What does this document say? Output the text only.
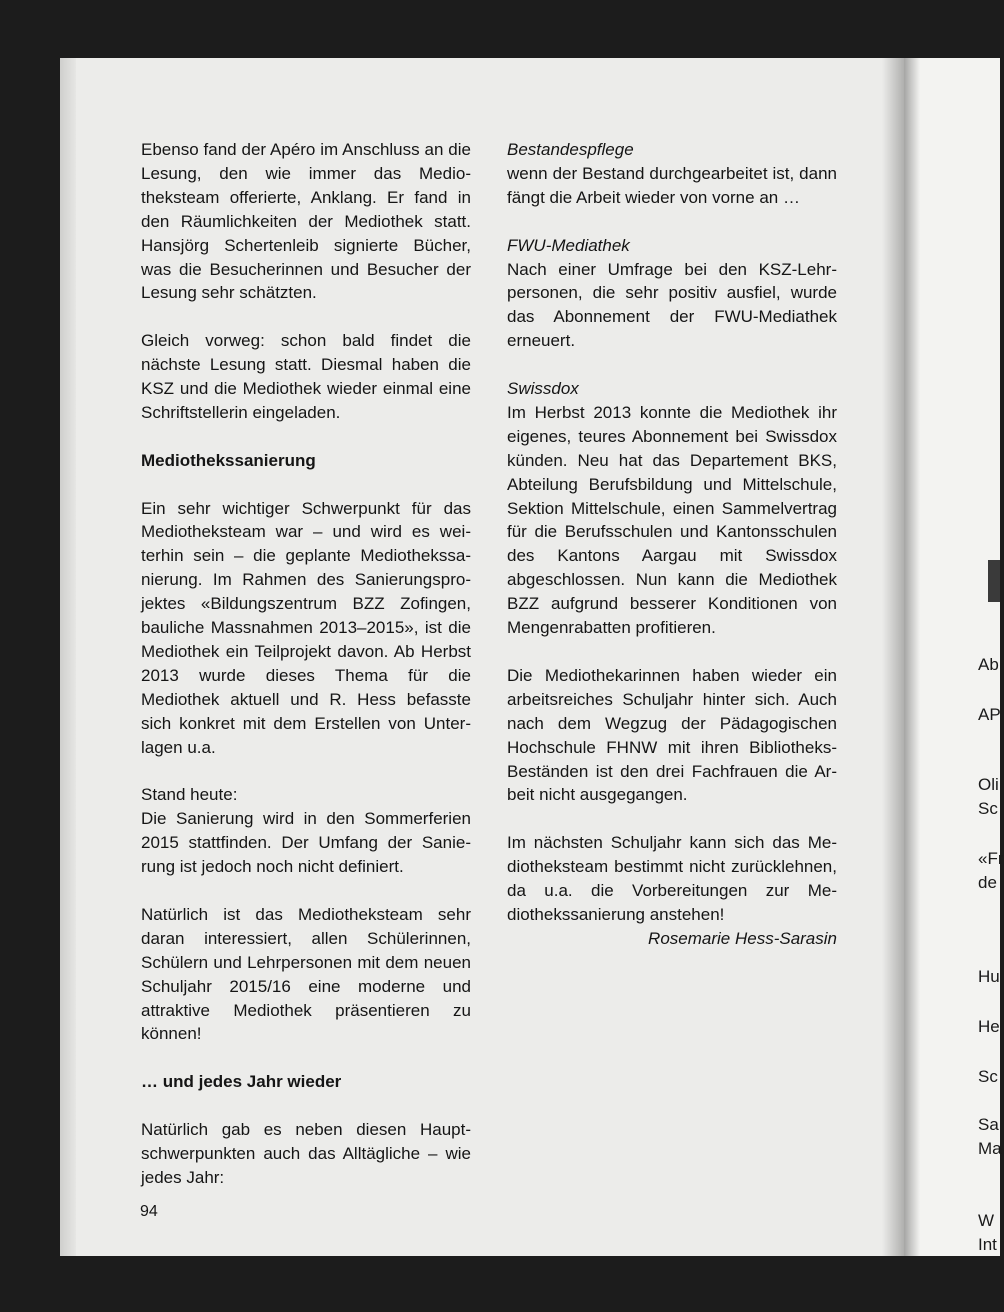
Ab

AP

Oli

Sc

«Fr

de

Hu

He

Sc

Sa

Ma

W

Int

Ebenso fand der Apéro im Anschluss an die Lesung, den wie immer das Mediotheksteam offerierte, Anklang. Er fand in den Räumlichkeiten der Mediothek statt. Hansjörg Schertenleib signierte Bücher, was die Besucherinnen und Besucher der Lesung sehr schätzten.

Gleich vorweg: schon bald findet die nächste Lesung statt. Diesmal haben die KSZ und die Mediothek wieder einmal eine Schriftstellerin eingeladen.

Mediothekssanierung

Ein sehr wichtiger Schwerpunkt für das Mediotheksteam war – und wird es weiterhin sein – die geplante Mediothekssanierung. Im Rahmen des Sanierungsprojektes «Bildungszentrum BZZ Zofingen, bauliche Massnahmen 2013–2015», ist die Mediothek ein Teilprojekt davon. Ab Herbst 2013 wurde dieses Thema für die Mediothek aktuell und R. Hess befasste sich konkret mit dem Erstellen von Unterlagen u.a.

Stand heute:
Die Sanierung wird in den Sommerferien 2015 stattfinden. Der Umfang der Sanierung ist jedoch noch nicht definiert.

Natürlich ist das Mediotheksteam sehr daran interessiert, allen Schülerinnen, Schülern und Lehrpersonen mit dem neuen Schuljahr 2015/16 eine moderne und attraktive Mediothek präsentieren zu können!

… und jedes Jahr wieder

Natürlich gab es neben diesen Hauptschwerpunkten auch das Alltägliche – wie jedes Jahr:

Bestandespflege
wenn der Bestand durchgearbeitet ist, dann fängt die Arbeit wieder von vorne an …

FWU-Mediathek
Nach einer Umfrage bei den KSZ-Lehrpersonen, die sehr positiv ausfiel, wurde das Abonnement der FWU-Mediathek erneuert.

Swissdox
Im Herbst 2013 konnte die Mediothek ihr eigenes, teures Abonnement bei Swissdox künden. Neu hat das Departement BKS, Abteilung Berufsbildung und Mittelschule, Sektion Mittelschule, einen Sammelvertrag für die Berufsschulen und Kantonsschulen des Kantons Aargau mit Swissdox abgeschlossen. Nun kann die Mediothek BZZ aufgrund besserer Konditionen von Mengenrabatten profitieren.

Die Mediothekarinnen haben wieder ein arbeitsreiches Schuljahr hinter sich. Auch nach dem Wegzug der Pädagogischen Hochschule FHNW mit ihren Bibliotheks-Beständen ist den drei Fachfrauen die Arbeit nicht ausgegangen.

Im nächsten Schuljahr kann sich das Mediotheksteam bestimmt nicht zurücklehnen, da u.a. die Vorbereitungen zur Mediothekssanierung anstehen!

Rosemarie Hess-Sarasin

94
